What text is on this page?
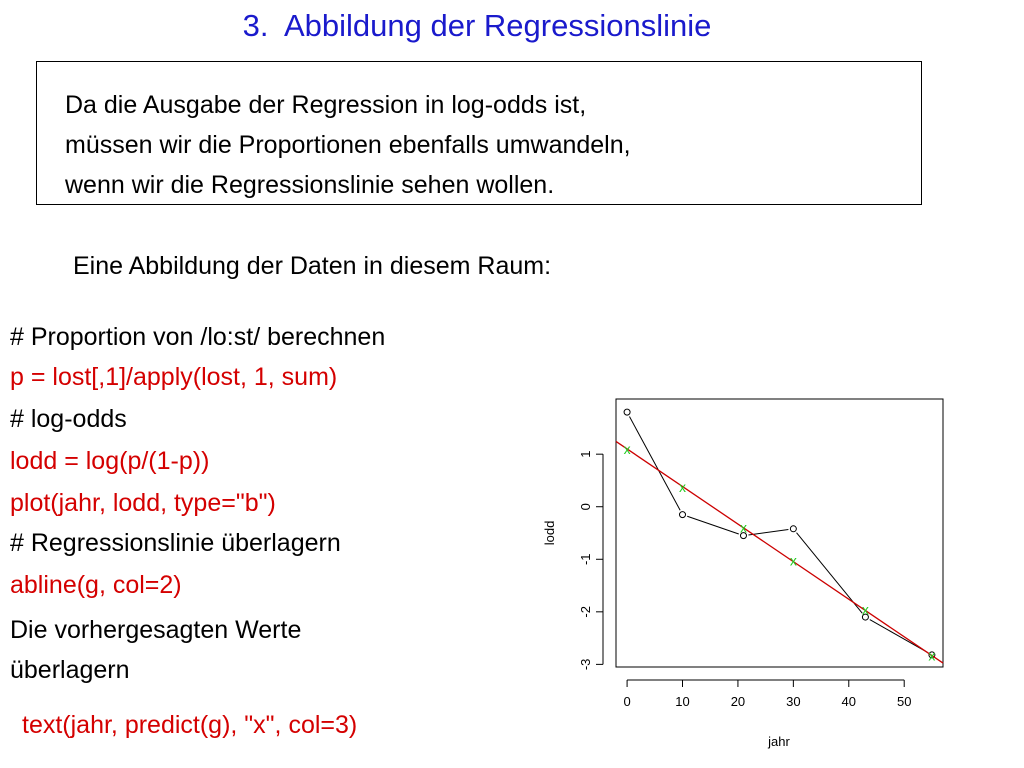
3.  Abbildung der Regressionslinie
Da die Ausgabe der Regression in log-odds ist,
müssen wir die Proportionen ebenfalls umwandeln,
wenn wir die Regressionslinie sehen wollen.
Eine Abbildung der Daten in diesem Raum:
# Proportion von /lo:st/ berechnen
p = lost[,1]/apply(lost, 1, sum)
# log-odds
lodd = log(p/(1-p))
plot(jahr, lodd, type="b")
# Regressionslinie überlagern
abline(g, col=2)
Die vorhergesagten Werte
überlagern
text(jahr, predict(g), "x", col=3)
0	10	20	30	40	50
-3
-2
-1
0
1
jahr
lodd
x
x
x
x
x
x
